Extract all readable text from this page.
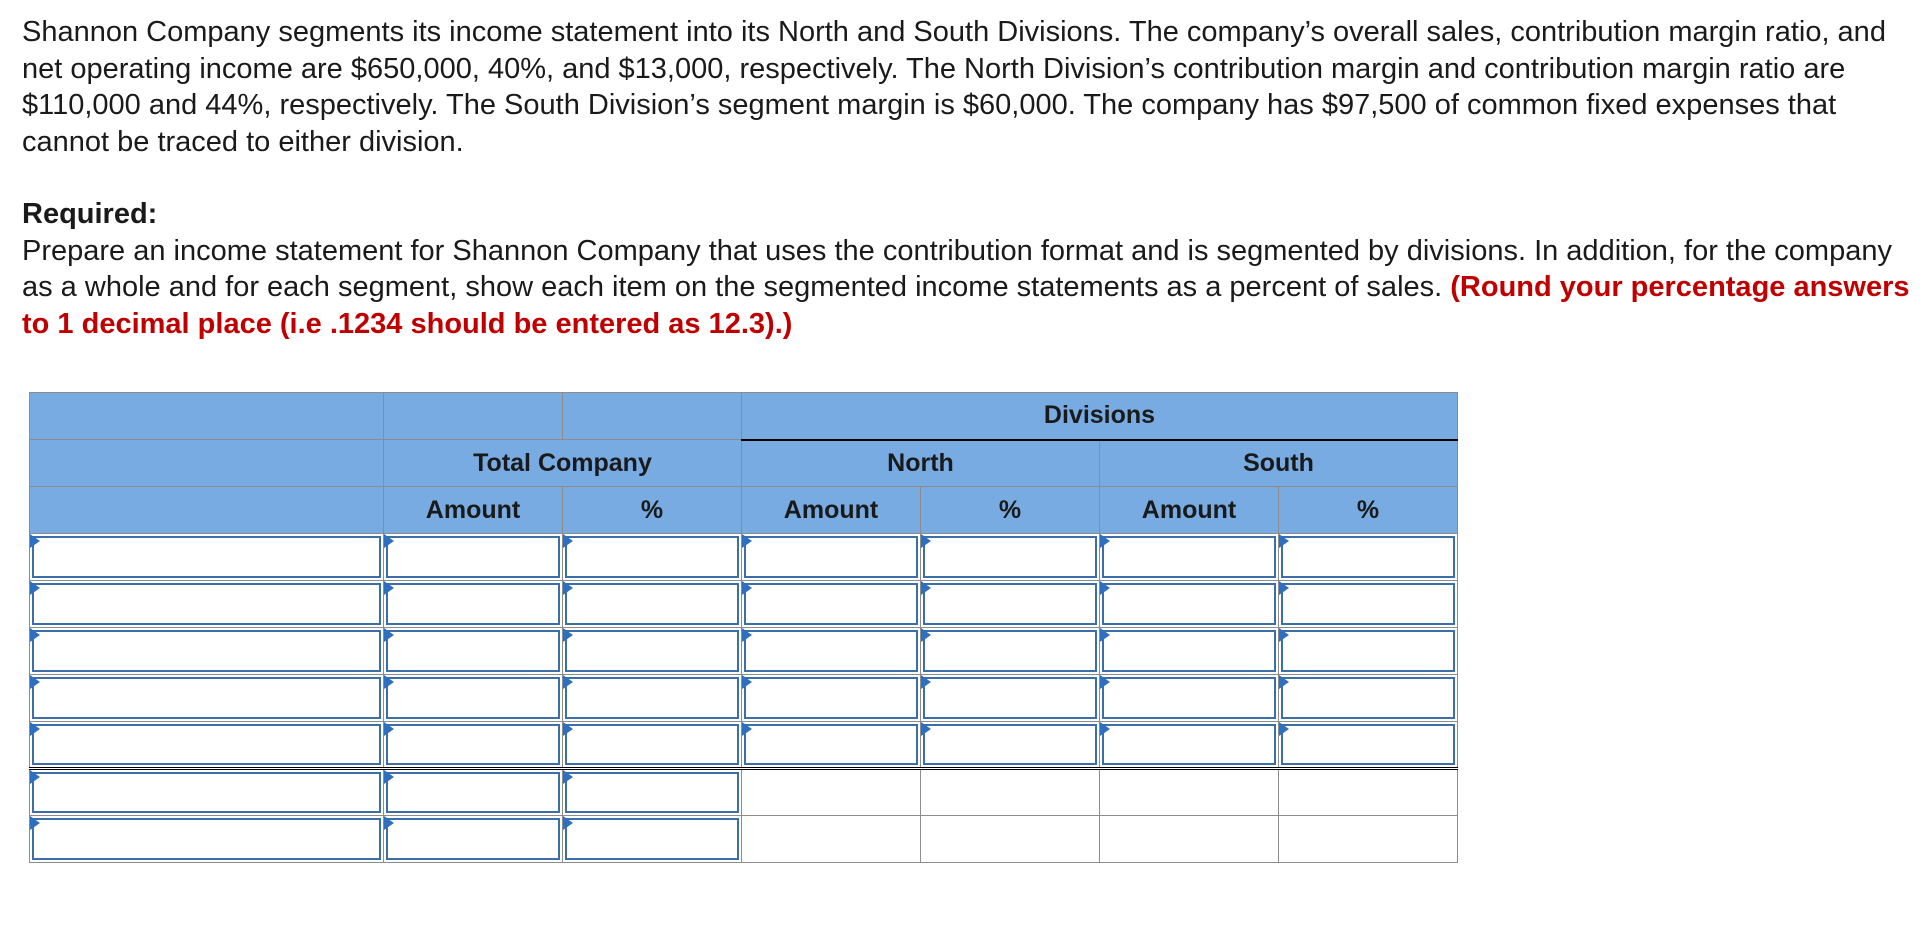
Shannon Company segments its income statement into its North and South Divisions. The company’s overall sales, contribution margin ratio, and net operating income are $650,000, 40%, and $13,000, respectively. The North Division’s contribution margin and contribution margin ratio are $110,000 and 44%, respectively. The South Division’s segment margin is $60,000. The company has $97,500 of common fixed expenses that cannot be traced to either division.

Required:

Prepare an income statement for Shannon Company that uses the contribution format and is segmented by divisions. In addition, for the company as a whole and for each segment, show each item on the segmented income statements as a percent of sales. (Round your percentage answers to 1 decimal place (i.e .1234 should be entered as 12.3).)

			Divisions			
	Total Company		North		South	
	Amount	%	Amount	%	Amount	%
